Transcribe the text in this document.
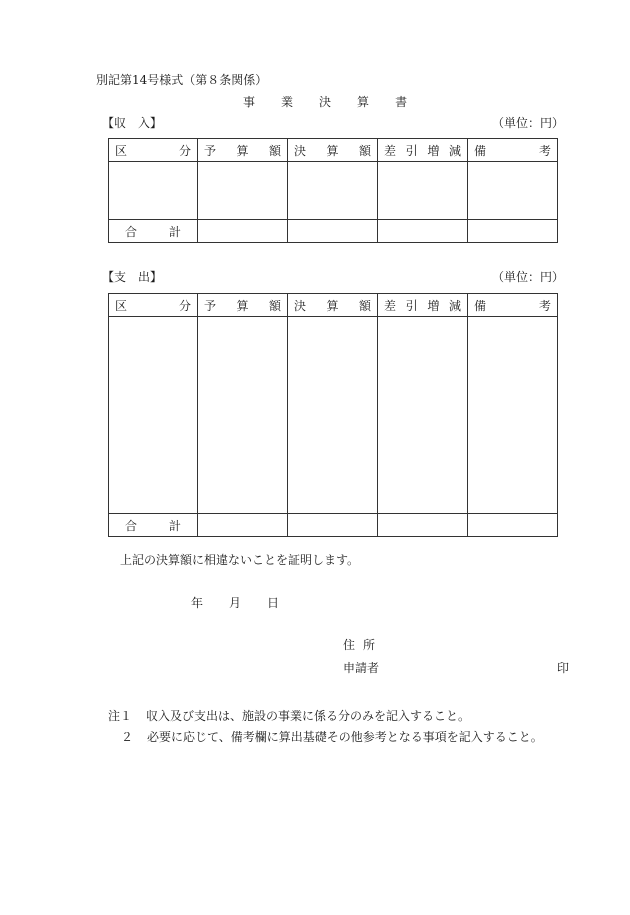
別記第14号様式（第８条関係）
事 業 決 算 書
【収　入】	（単位：円）
区 分	予 算 額	決 算 額	差 引 増 減	備 考

合 計				

【支　出】	（単位：円）
区 分	予 算 額	決 算 額	差 引 増 減	備 考

合 計				

上記の決算額に相違ないことを証明します。
年 月 日
住 所
申請者	印
注１ 収入及び支出は、施設の事業に係る分のみを記入すること。
２ 必要に応じて、備考欄に算出基礎その他参考となる事項を記入すること。
